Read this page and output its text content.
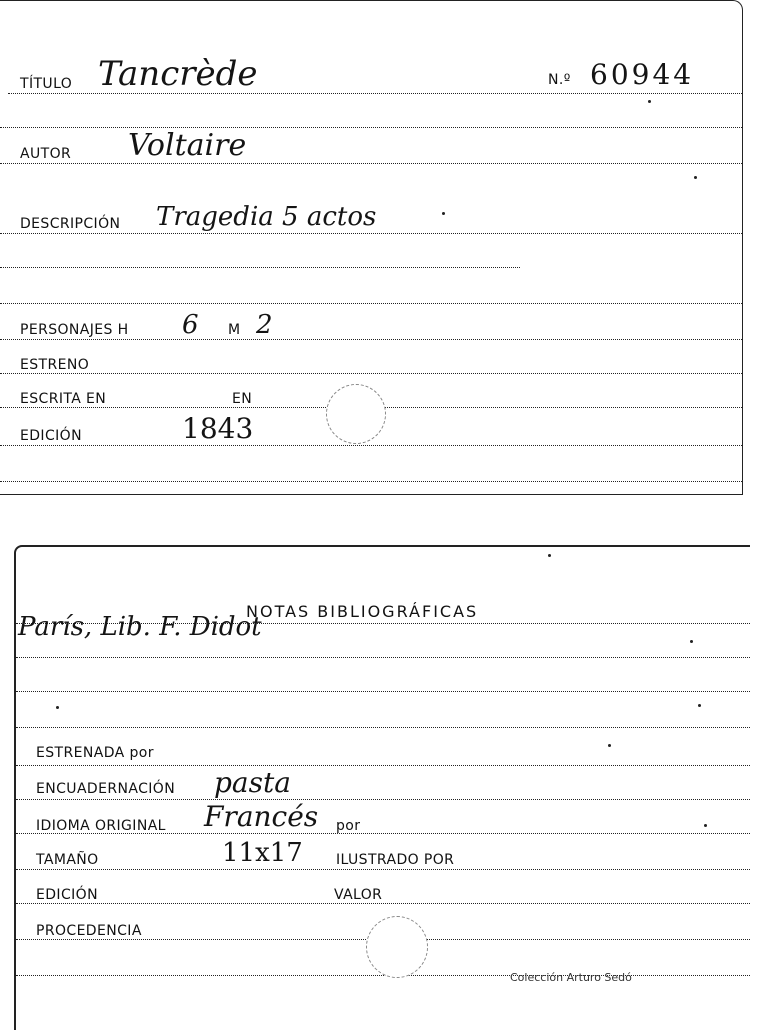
TÍTULO Tancrède	N.º 60944
AUTOR Voltaire
DESCRIPCIÓN Tragedia 5 actos
PERSONAJES H 6 M 2
ESTRENO
ESCRITA EN	EN
EDICIÓN	1843
NOTAS BIBLIOGRÁFICAS
París, Lib. F. Didot
ESTRENADA por
ENCUADERNACIÓN pasta
IDIOMA ORIGINAL Francés por
TAMAÑO	11x17 ILUSTRADO POR
EDICIÓN	VALOR
PROCEDENCIA
Colección Arturo Sedó
